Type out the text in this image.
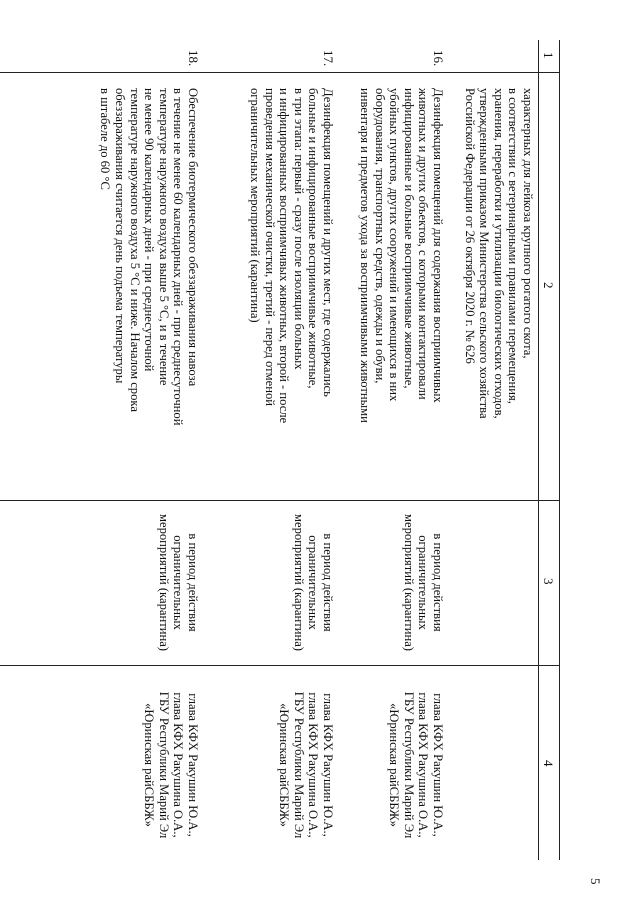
1
2
3
4
характерных для лейкоза крупного рогатого скота,
в соответствии с ветеринарными правилами перемещения,
хранения, переработки и утилизации биологических отходов,
утвержденными приказом Министерства сельского хозяйства
Российской Федерации от 26 октября 2020 г. № 626
16.
Дезинфекция помещений для содержания восприимчивых
животных и других объектов, с которыми контактировали
инфицированные и больные восприимчивые животные,
убойных пунктов, других сооружений и имеющихся в них
оборудования, транспортных средств, одежды и обуви,
инвентаря и предметов ухода за восприимчивыми животными
в период действия
ограничительных
мероприятий (карантина)
глава КФХ Ракушин Ю.А.,
глава КФХ Ракушина О.А.,
ГБУ Республики Марий Эл
«Юринская райСББЖ»
17.
Дезинфекция помещений и других мест, где содержались
больные и инфицированные восприимчивые животные,
в три этапа: первый - сразу после изоляции больных
и инфицированных восприимчивых животных, второй - после
проведения механической очистки, третий - перед отменой
ограничительных мероприятий (карантина)
в период действия
ограничительных
мероприятий (карантина)
глава КФХ Ракушин Ю.А.,
глава КФХ Ракушина О.А.,
ГБУ Республики Марий Эл
«Юринская райСББЖ»
18.
Обеспечение биотермического обеззараживания навоза
в течение не менее 60 календарных дней - при среднесуточной
температуре наружного воздуха выше 5 °С, и в течение
не менее 90 календарных дней - при среднесуточной
температуре наружного воздуха 5 °С и ниже. Началом срока
обеззараживания считается день подъема температуры
в штабеле до 60 °С
в период действия
ограничительных
мероприятий (карантина)
глава КФХ Ракушин Ю.А.,
глава КФХ Ракушина О.А.,
ГБУ Республики Марий Эл
«Юринская райСББЖ»
5
